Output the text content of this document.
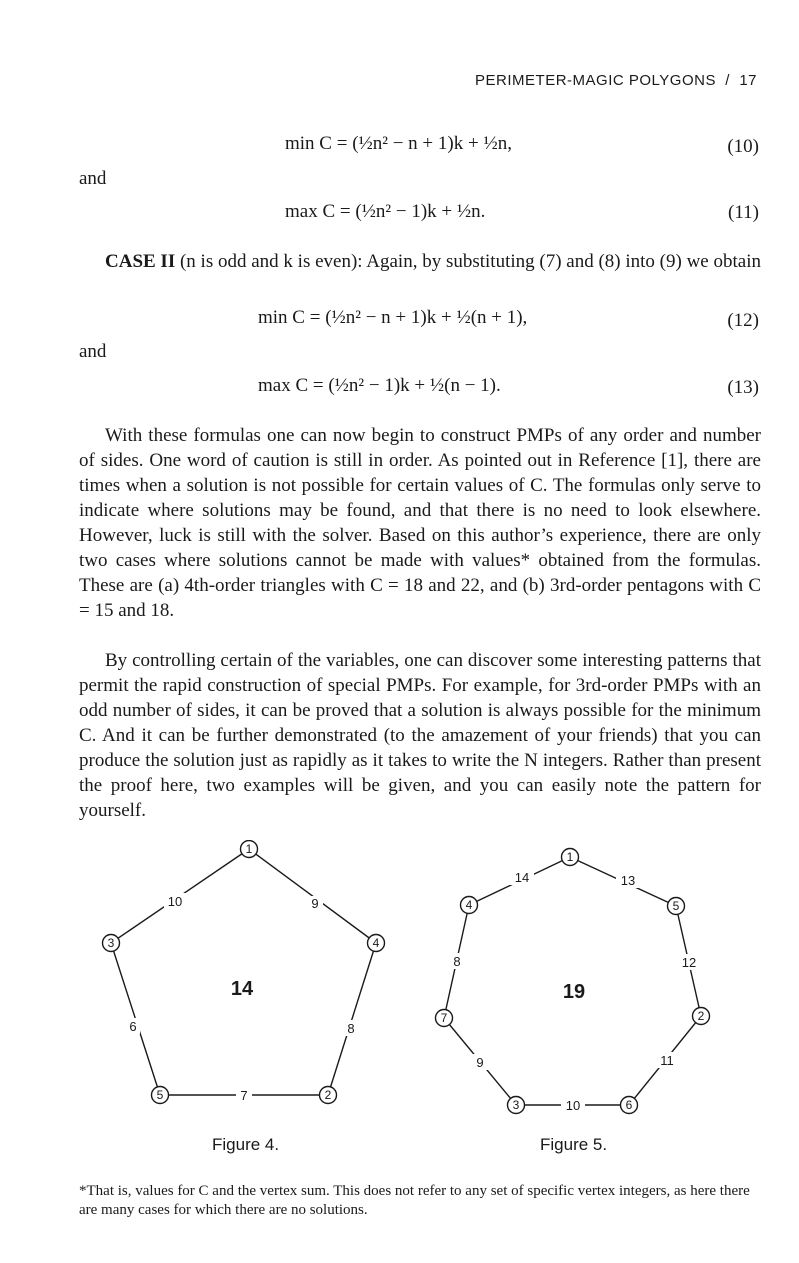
PERIMETER-MAGIC POLYGONS / 17
min C = (½n² − n + 1)k + ½n,	(10)
and
max C = (½n² − 1)k + ½n.	(11)

CASE II (n is odd and k is even): Again, by substituting (7) and (8) into (9) we obtain

min C = (½n² − n + 1)k + ½(n + 1),	(12)
and
max C = (½n² − 1)k + ½(n − 1).	(13)

With these formulas one can now begin to construct PMPs of any order and number of sides. One word of caution is still in order. As pointed out in Reference [1], there are times when a solution is not possible for certain values of C. The formulas only serve to indicate where solutions may be found, and that there is no need to look elsewhere. However, luck is still with the solver. Based on this author’s experience, there are only two cases where solutions cannot be made with values* obtained from the formulas. These are (a) 4th-order triangles with C = 18 and 22, and (b) 3rd-order pentagons with C = 15 and 18.

By controlling certain of the variables, one can discover some interesting patterns that permit the rapid construction of special PMPs. For example, for 3rd-order PMPs with an odd number of sides, it can be proved that a solution is always possible for the minimum C. And it can be further demonstrated (to the amazement of your friends) that you can produce the solution just as rapidly as it takes to write the N integers. Rather than present the proof here, two examples will be given, and you can easily note the pattern for yourself.

1
4
2
5
3
9
8
7
6
10
14
Figure 4.
1
5
2
6
3
7
4
13
12
11
10
9
8
14
19
Figure 5.

*That is, values for C and the vertex sum. This does not refer to any set of specific vertex integers, as here there are many cases for which there are no solutions.
